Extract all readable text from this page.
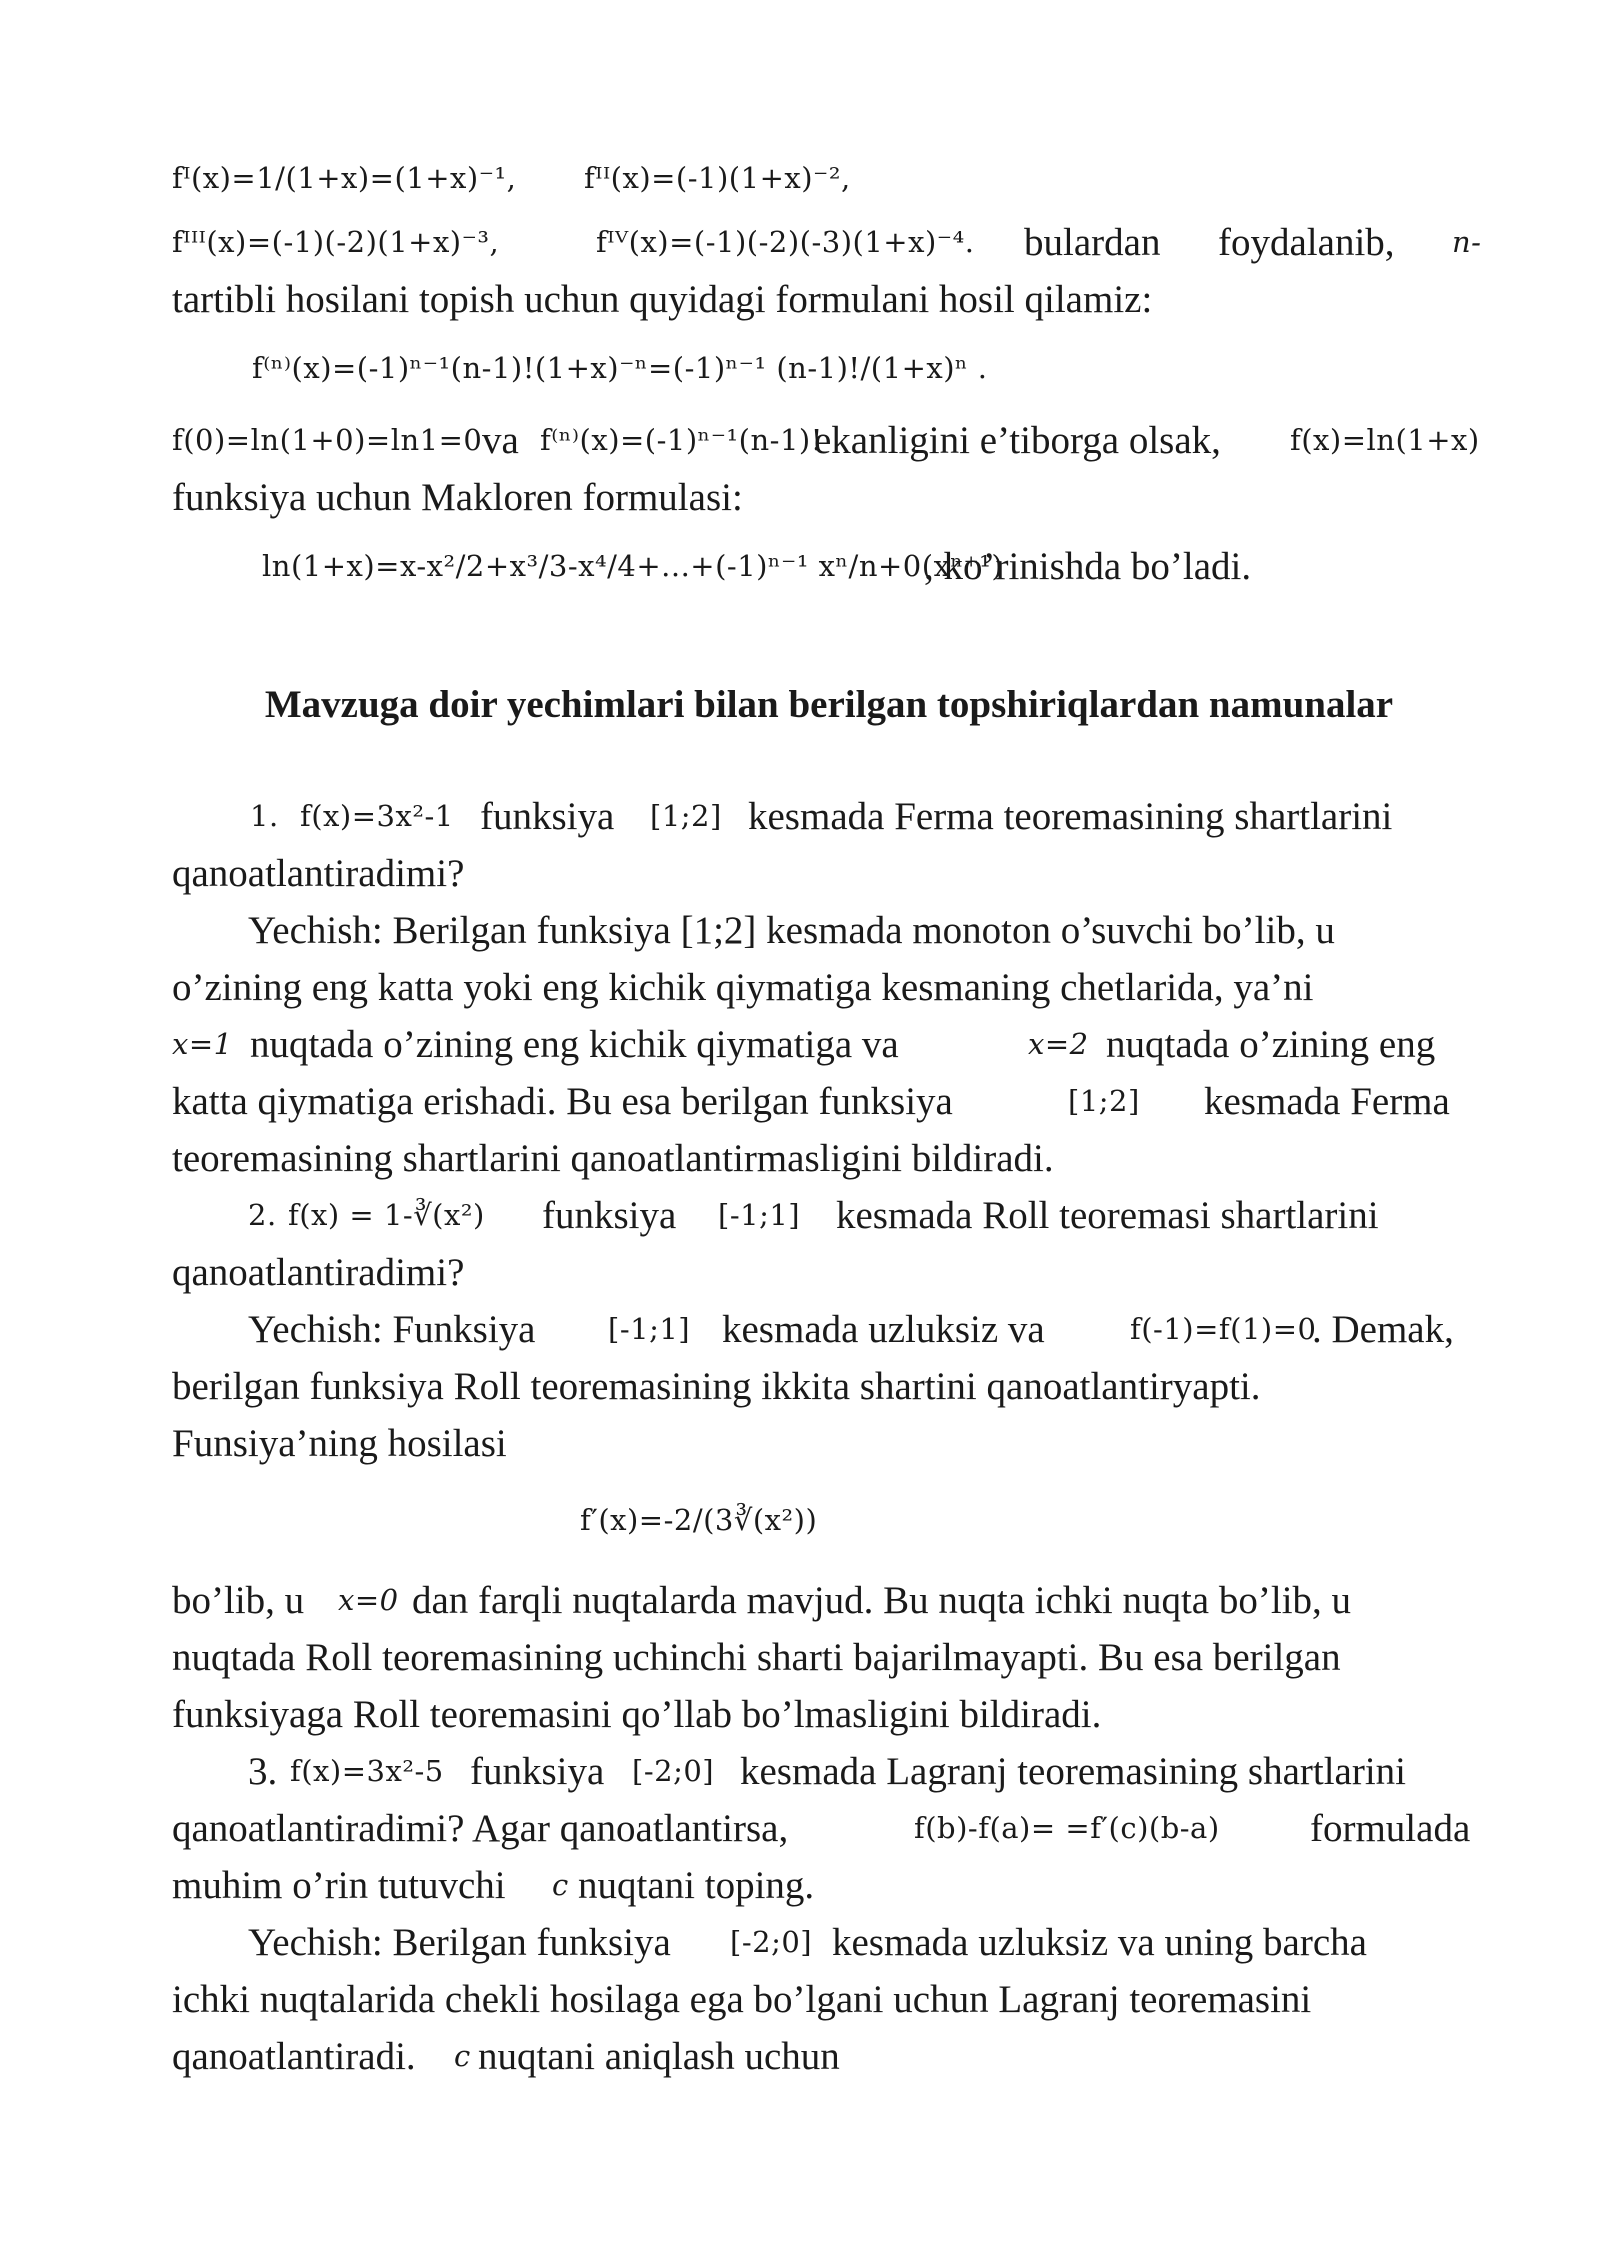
fᴵ(x)=1/(1+x)=(1+x)⁻¹, fᴵᴵ(x)=(-1)(1+x)⁻²,
fᴵᴵᴵ(x)=(-1)(-2)(1+x)⁻³,	fᴵⱽ(x)=(-1)(-2)(-3)(1+x)⁻⁴. bulardan foydalanib, n-
tartibli hosilani topish uchun quyidagi formulani hosil qilamiz:
f⁽ⁿ⁾(x)=(-1)ⁿ⁻¹(n-1)!(1+x)⁻ⁿ=(-1)ⁿ⁻¹ (n-1)!/(1+x)ⁿ .
f(0)=ln(1+0)=ln1=0 va f⁽ⁿ⁾(x)=(-1)ⁿ⁻¹(n-1)!
ekanligini e’tiborga olsak, f(x)=ln(1+x)
funksiya uchun Makloren formulasi:
ln(1+x)=x-x²/2+x³/3-x⁴/4+...+(-1)ⁿ⁻¹ xⁿ/n+0(xⁿ⁺¹)
, ko’rinishda bo’ladi.
Mavzuga doir yechimlari bilan berilgan topshiriqlardan namunalar
1. f(x)=3x²-1 funksiya [1;2] kesmada Ferma teoremasining shartlarini
qanoatlantiradimi?
Yechish: Berilgan funksiya [1;2] kesmada monoton o’suvchi bo’lib, u
o’zining eng katta yoki eng kichik qiymatiga kesmaning chetlarida, ya’ni
x=1 nuqtada o’zining eng kichik qiymatiga va	x=2 nuqtada o’zining eng
katta qiymatiga erishadi. Bu esa berilgan funksiya	[1;2] kesmada Ferma
teoremasining shartlarini qanoatlantirmasligini bildiradi.
2. f(x) = 1-∛(x²) funksiya [-1;1] kesmada Roll teoremasi shartlarini
qanoatlantiradimi?
Yechish: Funksiya	[-1;1] kesmada uzluksiz va	f(-1)=f(1)=0
. Demak,
berilgan funksiya Roll teoremasining ikkita shartini qanoatlantiryapti.
Funsiya’ning hosilasi
f′(x)=-2/(3∛(x²))
bo’lib, u x=0 dan farqli nuqtalarda mavjud. Bu nuqta ichki nuqta bo’lib, u
nuqtada Roll teoremasining uchinchi sharti bajarilmayapti. Bu esa berilgan
funksiyaga Roll teoremasini qo’llab bo’lmasligini bildiradi.
3. f(x)=3x²-5 funksiya [-2;0] kesmada Lagranj teoremasining shartlarini
qanoatlantiradimi? Agar qanoatlantirsa,	f(b)-f(a)= =f′(c)(b-a) formulada
muhim o’rin tutuvchi c nuqtani toping.
Yechish: Berilgan funksiya [-2;0] kesmada uzluksiz va uning barcha
ichki nuqtalarida chekli hosilaga ega bo’lgani uchun Lagranj teoremasini
qanoatlantiradi. c nuqtani aniqlash uchun
